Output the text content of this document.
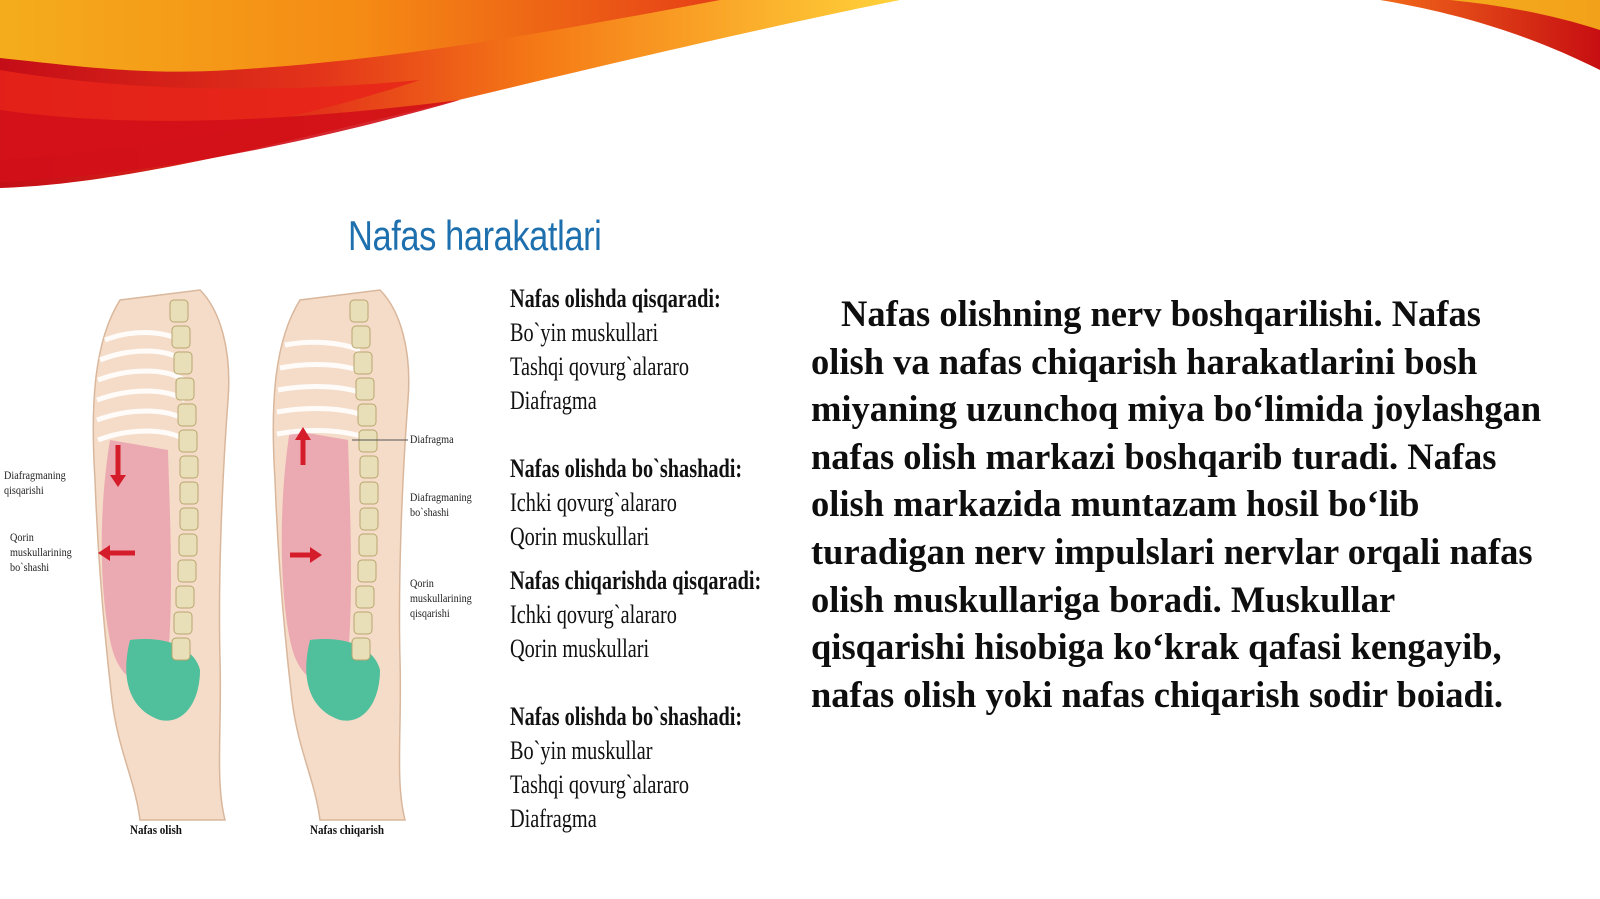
Nafas harakatlari
Diafragmaning qisqarishi
Qorin muskullarining bo`shashi
Diafragma
Diafragmaning bo`shashi
Qorin muskullarining qisqarishi
Nafas olish	Nafas chiqarish
Nafas olishda qisqaradi:
Bo`yin muskullari
Tashqi qovurg`alararo
Diafragma
Nafas olishda bo`shashadi:
Ichki qovurg`alararo
Qorin muskullari
Nafas chiqarishda qisqaradi:
Ichki qovurg`alararo
Qorin muskullari
Nafas olishda bo`shashadi:
Bo`yin muskullar
Tashqi qovurg`alararo
Diafragma
Nafas olishning nerv boshqarilishi. Nafas olish va nafas chiqarish harakatlarini bosh miyaning uzunchoq miya bo‘limida joylashgan nafas olish markazi boshqarib turadi. Nafas olish markazida muntazam hosil bo‘lib turadigan nerv impulslari nervlar orqali nafas olish muskullariga boradi. Muskullar qisqarishi hisobiga ko‘krak qafasi kengayib, nafas olish yoki nafas chiqarish sodir boiadi.
